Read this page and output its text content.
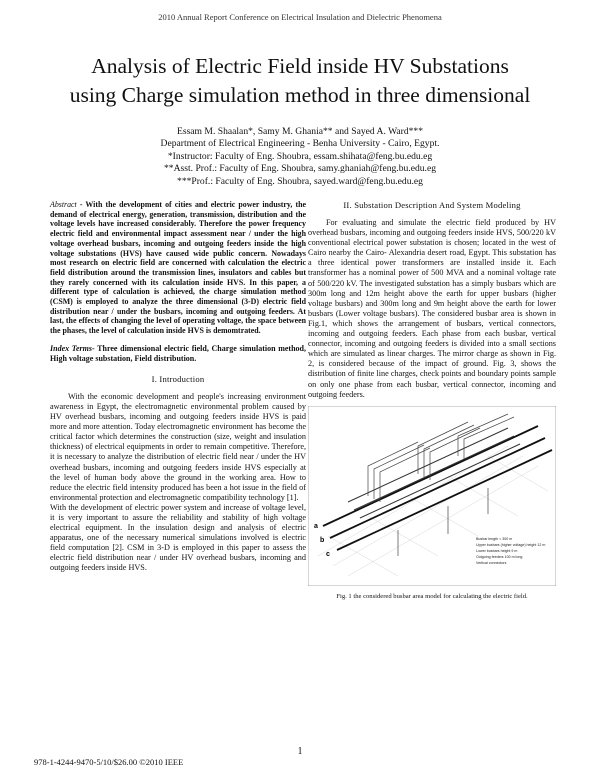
2010 Annual Report Conference on Electrical Insulation and Dielectric Phenomena
Analysis of Electric Field inside HV Substations
using Charge simulation method in three dimensional
Essam M. Shaalan*, Samy M. Ghania** and Sayed A. Ward***
Department of Electrical Engineering - Benha University - Cairo, Egypt.
*Instructor: Faculty of Eng. Shoubra, essam.shihata@feng.bu.edu.eg
**Asst. Prof.: Faculty of Eng. Shoubra, samy.ghaniah@feng.bu.edu.eg
***Prof.: Faculty of Eng. Shoubra, sayed.ward@feng.bu.edu.eg

Abstract - With the development of cities and electric power industry, the demand of electrical energy, generation, transmission, distribution and the voltage levels have increased considerably. Therefore the power frequency electric field and environmental impact assessment near / under the high voltage overhead busbars, incoming and outgoing feeders inside the high voltage substations (HVS) have caused wide public concern. Nowadays most research on electric field are concerned with calculation the electric field distribution around the transmission lines, insulators and cables but they rarely concerned with its calculation inside HVS. In this paper, a different type of calculation is achieved, the charge simulation method (CSM) is employed to analyze the three dimensional (3-D) electric field distribution near / under the busbars, incoming and outgoing feeders. At last, the effects of changing the level of operating voltage, the space between the phases, the level of calculation inside HVS is demomtrated.

Index Terms- Three dimensional electric field, Charge simulation method, High voltage substation, Field distribution.

I. Introduction

With the economic development and people's increasing environment awareness in Egypt, the electromagnetic environmental problem caused by HV overhead busbars, incoming and outgoing feeders inside HVS is paid more and more attention. Today electromagnetic environment has become the critical factor which determines the construction (size, weight and insulation thickness) of electrical equipments in order to remain competitive. Therefore, it is necessary to analyze the distribution of electric field near / under the HV overhead busbars, incoming and outgoing feeders inside HVS especially at the level of human body above the ground in the working area. How to reduce the electric field intensity produced has been a hot issue in the field of environmental protection and electromagnetic compatibility technology [1].

With the development of electric power system and increase of voltage level, it is very important to assure the reliability and stability of high voltage electrical equipment. In the insulation design and analysis of electric apparatus, one of the necessary numerical simulations involved is electric field computation [2]. CSM in 3-D is employed in this paper to assess the electric field distribution near / under HV overhead busbars, incoming and outgoing feeders inside HVS.

II. Substation Description And System Modeling

For evaluating and simulate the electric field produced by HV overhead busbars, incoming and outgoing feeders inside HVS, 500/220 kV conventional electrical power substation is chosen; located in the west of Cairo nearby the Cairo- Alexandria desert road, Egypt. This substation has a three identical power transformers are installed inside it. Each transformer has a nominal power of 500 MVA and a nominal voltage rate of 500/220 kV. The investigated substation has a simply busbars which are 300m long and 12m height above the earth for upper busbars (higher voltage busbars) and 300m long and 9m height above the earth for lower busbars (Lower voltage busbars). The considered busbar area is shown in Fig.1, which shows the arrangement of busbars, vertical connectors, incoming and outgoing feeders. Each phase from each busbar, vertical connector, incoming and outgoing feeders is divided into a small sections which are simulated as linear charges. The mirror charge as shown in Fig. 2, is considered because of the impact of ground. Fig. 3, shows the distribution of finite line charges, check points and boundary points sample on only one phase from each busbar, vertical connector, incoming and outgoing feeders.

a
b
c
Busbar length = 300 m
Upper busbars (higher voltage) height 12 m
Lower busbars height 9 m
Outgoing feeders 100 m long
Vertical connectors
Fig. 1 the considered busbar area model for calculating the electric field.
1
978-1-4244-9470-5/10/$26.00 ©2010 IEEE
